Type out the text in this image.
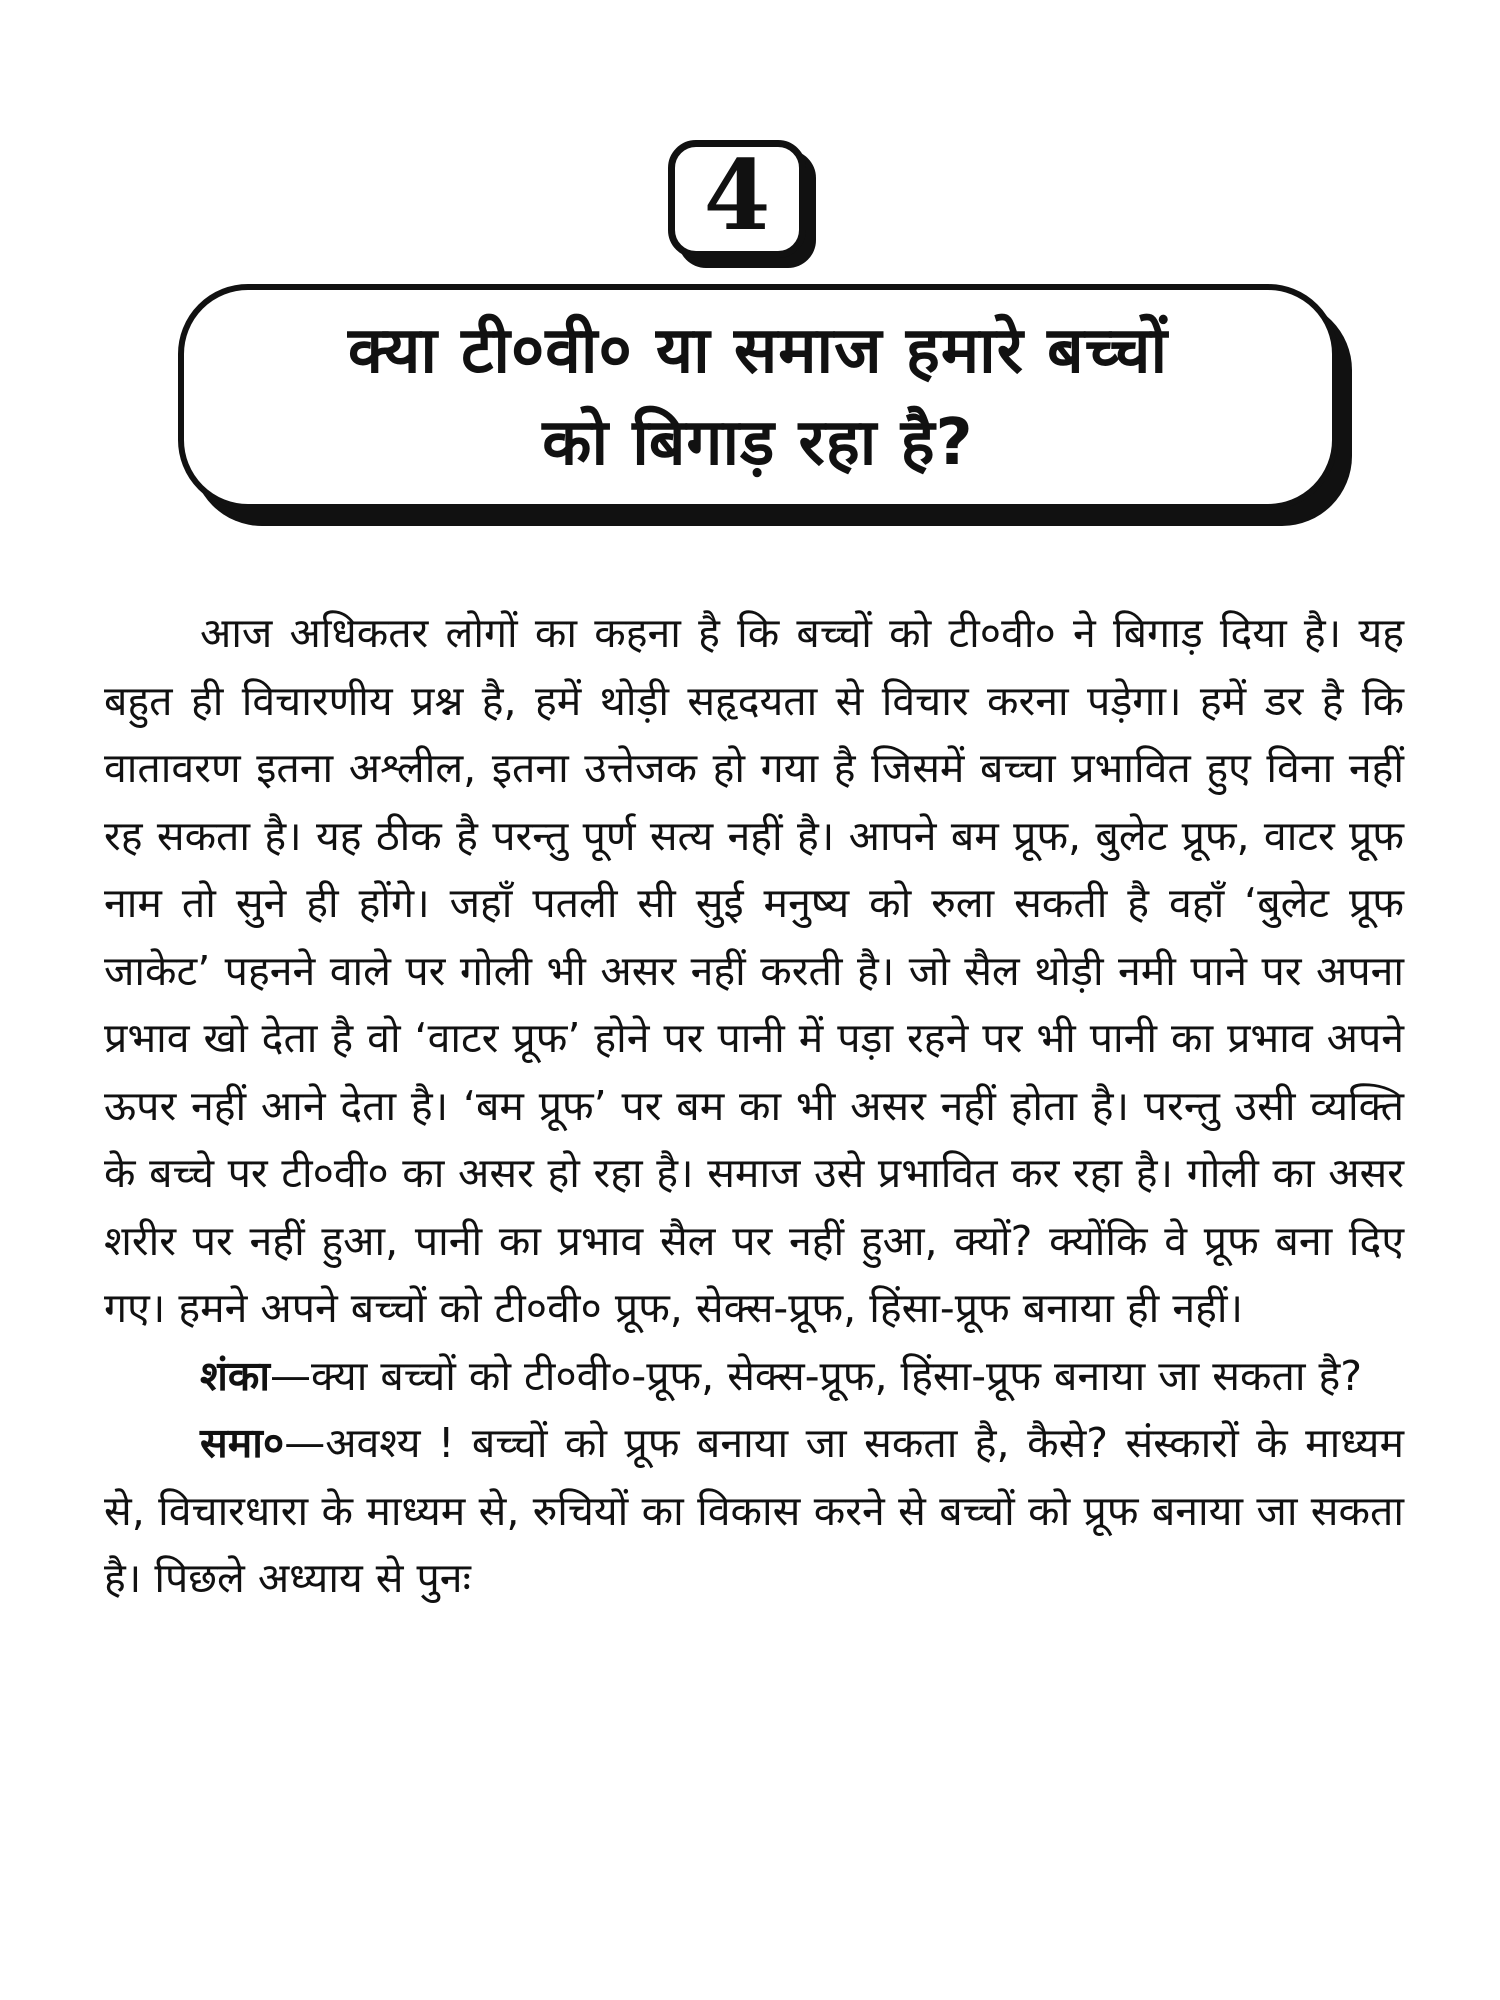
4
क्या टी०वी० या समाज हमारे बच्चों
को बिगाड़ रहा है?

आज अधिकतर लोगों का कहना है कि बच्चों को टी०वी० ने बिगाड़ दिया है। यह बहुत ही विचारणीय प्रश्न है, हमें थोड़ी सहृदयता से विचार करना पड़ेगा। हमें डर है कि वातावरण इतना अश्लील, इतना उत्तेजक हो गया है जिसमें बच्चा प्रभावित हुए विना नहीं रह सकता है। यह ठीक है परन्तु पूर्ण सत्य नहीं है। आपने बम प्रूफ, बुलेट प्रूफ, वाटर प्रूफ नाम तो सुने ही होंगे। जहाँ पतली सी सुई मनुष्य को रुला सकती है वहाँ ‘बुलेट प्रूफ जाकेट’ पहनने वाले पर गोली भी असर नहीं करती है। जो सैल थोड़ी नमी पाने पर अपना प्रभाव खो देता है वो ‘वाटर प्रूफ’ होने पर पानी में पड़ा रहने पर भी पानी का प्रभाव अपने ऊपर नहीं आने देता है। ‘बम प्रूफ’ पर बम का भी असर नहीं होता है। परन्तु उसी व्यक्ति के बच्चे पर टी०वी० का असर हो रहा है। समाज उसे प्रभावित कर रहा है। गोली का असर शरीर पर नहीं हुआ, पानी का प्रभाव सैल पर नहीं हुआ, क्यों? क्योंकि वे प्रूफ बना दिए गए। हमने अपने बच्चों को टी०वी० प्रूफ, सेक्स-प्रूफ, हिंसा-प्रूफ बनाया ही नहीं।

शंका—क्या बच्चों को टी०वी०-प्रूफ, सेक्स-प्रूफ, हिंसा-प्रूफ बनाया जा सकता है?

समा०—अवश्य ! बच्चों को प्रूफ बनाया जा सकता है, कैसे? संस्कारों के माध्यम से, विचारधारा के माध्यम से, रुचियों का विकास करने से बच्चों को प्रूफ बनाया जा सकता है। पिछले अध्याय से पुनः
